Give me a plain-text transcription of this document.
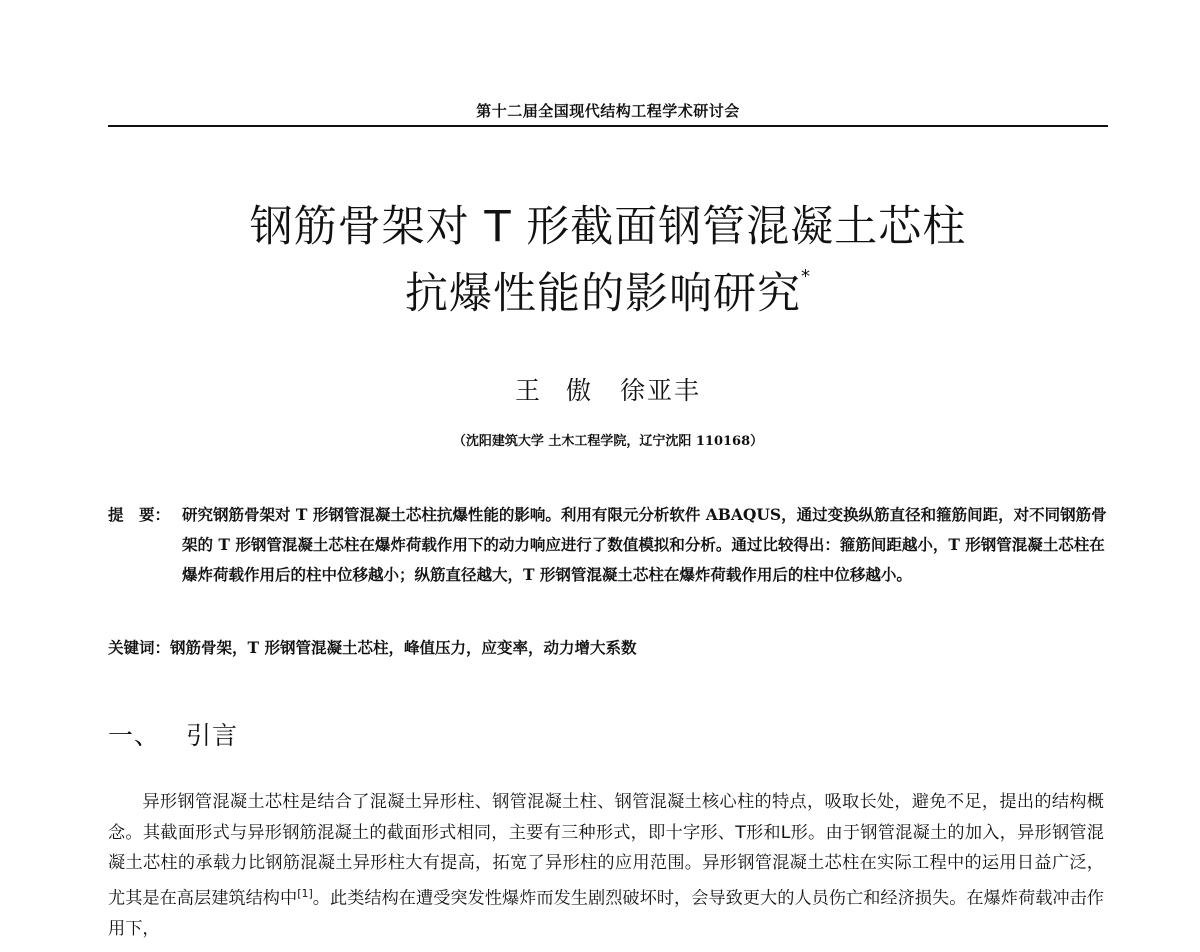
第十二届全国现代结构工程学术研讨会
钢筋骨架对 T 形截面钢管混凝土芯柱
抗爆性能的影响研究*
王 傲　徐亚丰
（沈阳建筑大学 土木工程学院，辽宁沈阳 110168）
提　要： 研究钢筋骨架对 T 形钢管混凝土芯柱抗爆性能的影响。利用有限元分析软件 ABAQUS，通过变换纵筋直径和箍筋间距，对不同钢筋骨架的 T 形钢管混凝土芯柱在爆炸荷载作用下的动力响应进行了数值模拟和分析。通过比较得出：箍筋间距越小，T 形钢管混凝土芯柱在爆炸荷载作用后的柱中位移越小；纵筋直径越大，T 形钢管混凝土芯柱在爆炸荷载作用后的柱中位移越小。
关键词：钢筋骨架，T 形钢管混凝土芯柱，峰值压力，应变率，动力增大系数
一、 引言
异形钢管混凝土芯柱是结合了混凝土异形柱、钢管混凝土柱、钢管混凝土核心柱的特点，吸取长处，避免不足，提出的结构概念。其截面形式与异形钢筋混凝土的截面形式相同，主要有三种形式，即十字形、T形和L形。由于钢管混凝土的加入，异形钢管混凝土芯柱的承载力比钢筋混凝土异形柱大有提高，拓宽了异形柱的应用范围。异形钢管混凝土芯柱在实际工程中的运用日益广泛，尤其是在高层建筑结构中[1]。此类结构在遭受突发性爆炸而发生剧烈破坏时，会导致更大的人员伤亡和经济损失。在爆炸荷载冲击作用下，
